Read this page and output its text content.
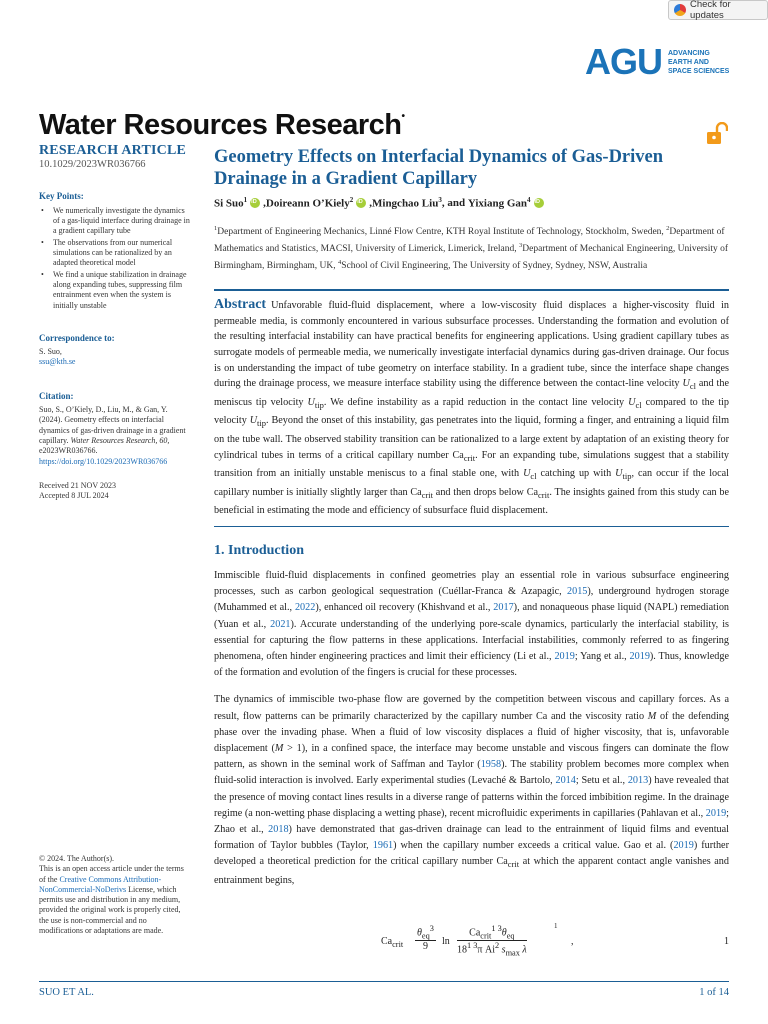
Check for updates
AGU ADVANCING
EARTH AND
SPACE SCIENCES
Water Resources Research•
RESEARCH ARTICLE
10.1029/2023WR036766
Key Points:
• We numerically investigate the dynamics of a gas-liquid interface during drainage in a gradient capillary tube
• The observations from our numerical simulations can be rationalized by an adapted theoretical model
• We find a unique stabilization in drainage along expanding tubes, suppressing film entrainment even when the system is initially unstable
Correspondence to:
S. Suo,
ssu@kth.se
Citation:
Suo, S., O’Kiely, D., Liu, M., & Gan, Y. (2024). Geometry effects on interfacial dynamics of gas-driven drainage in a gradient capillary. Water Resources Research, 60, e2023WR036766. https://doi.org/10.1029/2023WR036766
Received 21 NOV 2023
Accepted 8 JUL 2024
© 2024. The Author(s).
This is an open access article under the terms of the Creative Commons Attribution-NonCommercial-NoDerivs License, which permits use and distribution in any medium, provided the original work is properly cited, the use is non-commercial and no modifications or adaptations are made.
Geometry Effects on Interfacial Dynamics of Gas-Driven Drainage in a Gradient Capillary
Si Suo$^1$ iD , Doireann O’Kiely$^2$ iD , Mingchao Liu$^3$ , and Yixiang Gan$^4$
iD
$^1$Department of Engineering Mechanics, Linné Flow Centre, KTH Royal Institute of Technology, Stockholm, Sweden, $^2$Department of Mathematics and Statistics, MACSI, University of Limerick, Limerick, Ireland, $^3$Department of Mechanical Engineering, University of Birmingham, Birmingham, UK, $^4$School of Civil Engineering, The University of Sydney, Sydney, NSW, Australia

Abstract Unfavorable fluid-fluid displacement, where a low-viscosity fluid displaces a higher-viscosity fluid in permeable media, is commonly encountered in various subsurface processes. Understanding the formation and evolution of the resulting interfacial instability can have practical benefits for engineering applications. Using gradient capillary tubes as surrogate models of permeable media, we numerically investigate interfacial dynamics during gas-driven drainage. Our focus is on understanding the impact of tube geometry on interface stability. In a gradient tube, since the interface shape changes during the drainage process, we measure interface stability using the difference between the contact-line velocity $U_{cl}$ and the meniscus tip velocity $U_{tip}$. We define instability as a rapid reduction in the contact line velocity $U_{cl}$ compared to the tip velocity $U_{tip}$. Beyond the onset of this instability, gas penetrates into the liquid, forming a finger, and entraining a liquid film on the tube wall. The observed stability transition can be rationalized to a large extent by adaptation of an existing theory for cylindrical tubes in terms of a critical capillary number $Ca_{crit}$. For an expanding tube, simulations suggest that a stability transition from an initially unstable meniscus to a final stable one, with $U_{cl}$ catching up with $U_{tip}$, can occur if the local capillary number is initially slightly larger than $Ca_{crit}$ and then drops below $Ca_{crit}$. The insights gained from this study can be beneficial in estimating the mode and efficiency of subsurface fluid displacement.

1. Introduction

Immiscible fluid-fluid displacements in confined geometries play an essential role in various subsurface engineering processes, such as carbon geological sequestration (Cuéllar-Franca & Azapagic, 2015), underground hydrogen storage (Muhammed et al., 2022), enhanced oil recovery (Khishvand et al., 2017), and nonaqueous phase liquid (NAPL) remediation (Yuan et al., 2021). Accurate understanding of the underlying pore-scale dynamics, particularly the interfacial stability, is essential for capturing the flow patterns in these applications. Interfacial instabilities, commonly referred to as fingering phenomena, often hinder engineering practices and limit their efficiency (Li et al., 2019; Yang et al., 2019). Thus, knowledge of the formation and evolution of the fingers is crucial for these processes.

The dynamics of immiscible two-phase flow are governed by the competition between viscous and capillary forces. As a result, flow patterns can be primarily characterized by the capillary number Ca and the viscosity ratio M of the defending phase over the invading phase. When a fluid of low viscosity displaces a fluid of higher viscosity, that is, unfavorable displacement (M > 1), in a confined space, the interface may become unstable and viscous fingers can dominate the flow pattern, as shown in the seminal work of Saffman and Taylor (1958). The stability problem becomes more complex when fluid-solid interaction is involved. Early experimental studies (Levaché & Bartolo, 2014; Setu et al., 2013) have revealed that the presence of moving contact lines results in a diverse range of patterns within the forced imbibition regime. In the drainage regime (a non-wetting phase displacing a wetting phase), recent microfluidic experiments in capillaries (Pahlavan et al., 2019; Zhao et al., 2018) have demonstrated that gas-driven drainage can lead to the entrainment of liquid films and eventual formation of Taylor bubbles (Taylor, 1961) when the capillary number exceeds a critical value. Gao et al. (2019) further developed a theoretical prediction for the critical capillary number $Ca_{crit}$ at which the apparent contact angle vanishes and entrainment begins,

$Ca_{crit}$
$\theta_{eq}^3$
9	ln
$Ca_{crit}^{1 3}\theta_{eq}$
$18^{1 3}\pi$ Ai$^2$ $s_{max}$ λ
1
,	1
SUO ET AL.	1 of 14
